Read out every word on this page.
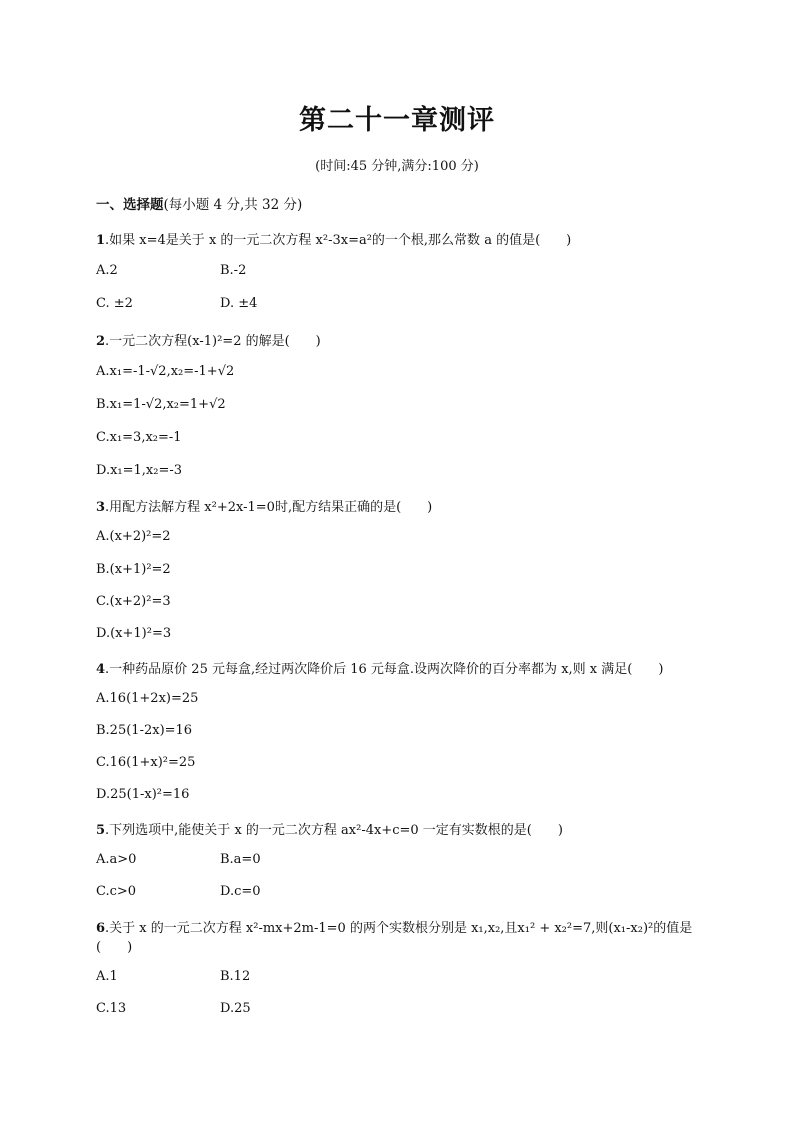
第二十一章测评
(时间:45 分钟,满分:100 分)
一、选择题(每小题 4 分,共 32 分)
1.如果 x=4是关于 x 的一元二次方程 x²-3x=a²的一个根,那么常数 a 的值是(　　)
A.2	B.-2
C. ±2	D. ±4
2.一元二次方程(x-1)²=2 的解是(　　)
A.x₁=-1-√2,x₂=-1+√2
B.x₁=1-√2,x₂=1+√2
C.x₁=3,x₂=-1
D.x₁=1,x₂=-3
3.用配方法解方程 x²+2x-1=0时,配方结果正确的是(　　)
A.(x+2)²=2
B.(x+1)²=2
C.(x+2)²=3
D.(x+1)²=3
4.一种药品原价 25 元每盒,经过两次降价后 16 元每盒.设两次降价的百分率都为 x,则 x 满足(　　)
A.16(1+2x)=25
B.25(1-2x)=16
C.16(1+x)²=25
D.25(1-x)²=16
5.下列选项中,能使关于 x 的一元二次方程 ax²-4x+c=0 一定有实数根的是(　　)
A.a>0	B.a=0
C.c>0	D.c=0
6.关于 x 的一元二次方程 x²-mx+2m-1=0 的两个实数根分别是 x₁,x₂,且x₁² + x₂²=7,则(x₁-x₂)²的值是
(　　)
A.1	B.12
C.13	D.25
